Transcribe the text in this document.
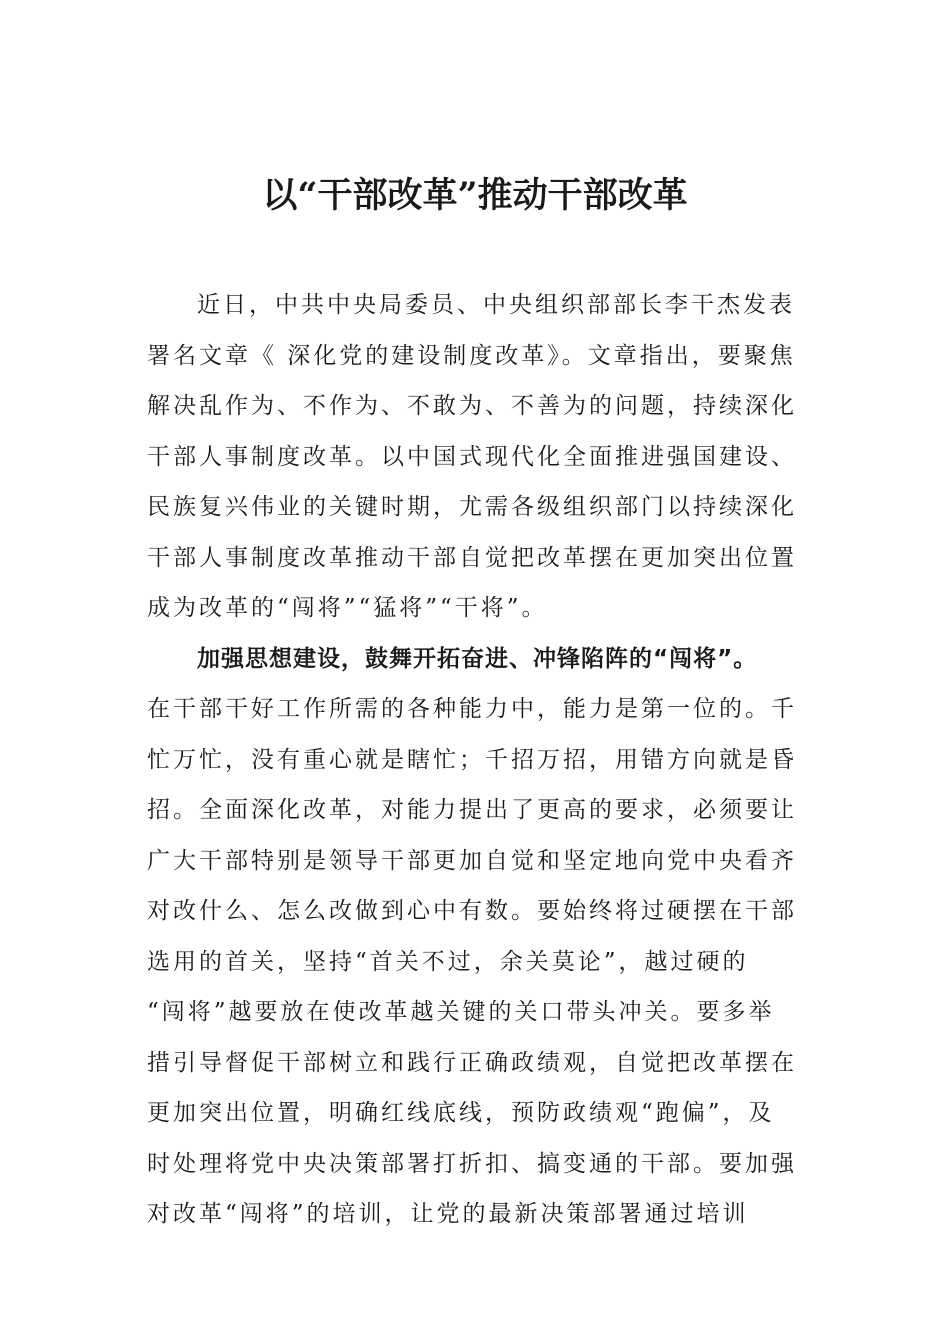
以“干部改革”推动干部改革
近日，中共中央局委员、中央组织部部长李干杰发表
署名文章《 深化党的建设制度改革》。文章指出，要聚焦
解决乱作为、不作为、不敢为、不善为的问题，持续深化
干部人事制度改革。以中国式现代化全面推进强国建设、
民族复兴伟业的关键时期，尤需各级组织部门以持续深化
干部人事制度改革推动干部自觉把改革摆在更加突出位置
成为改革的“闯将”“猛将”“干将”。
加强思想建设，鼓舞开拓奋进、冲锋陷阵的“闯将”。
在干部干好工作所需的各种能力中，能力是第一位的。千
忙万忙，没有重心就是瞎忙；千招万招，用错方向就是昏
招。全面深化改革，对能力提出了更高的要求，必须要让
广大干部特别是领导干部更加自觉和坚定地向党中央看齐
对改什么、怎么改做到心中有数。要始终将过硬摆在干部
选用的首关，坚持“首关不过，余关莫论”，越过硬的
“闯将”越要放在使改革越关键的关口带头冲关。要多举
措引导督促干部树立和践行正确政绩观，自觉把改革摆在
更加突出位置，明确红线底线，预防政绩观“跑偏”，及
时处理将党中央决策部署打折扣、搞变通的干部。要加强
对改革“闯将”的培训，让党的最新决策部署通过培训
